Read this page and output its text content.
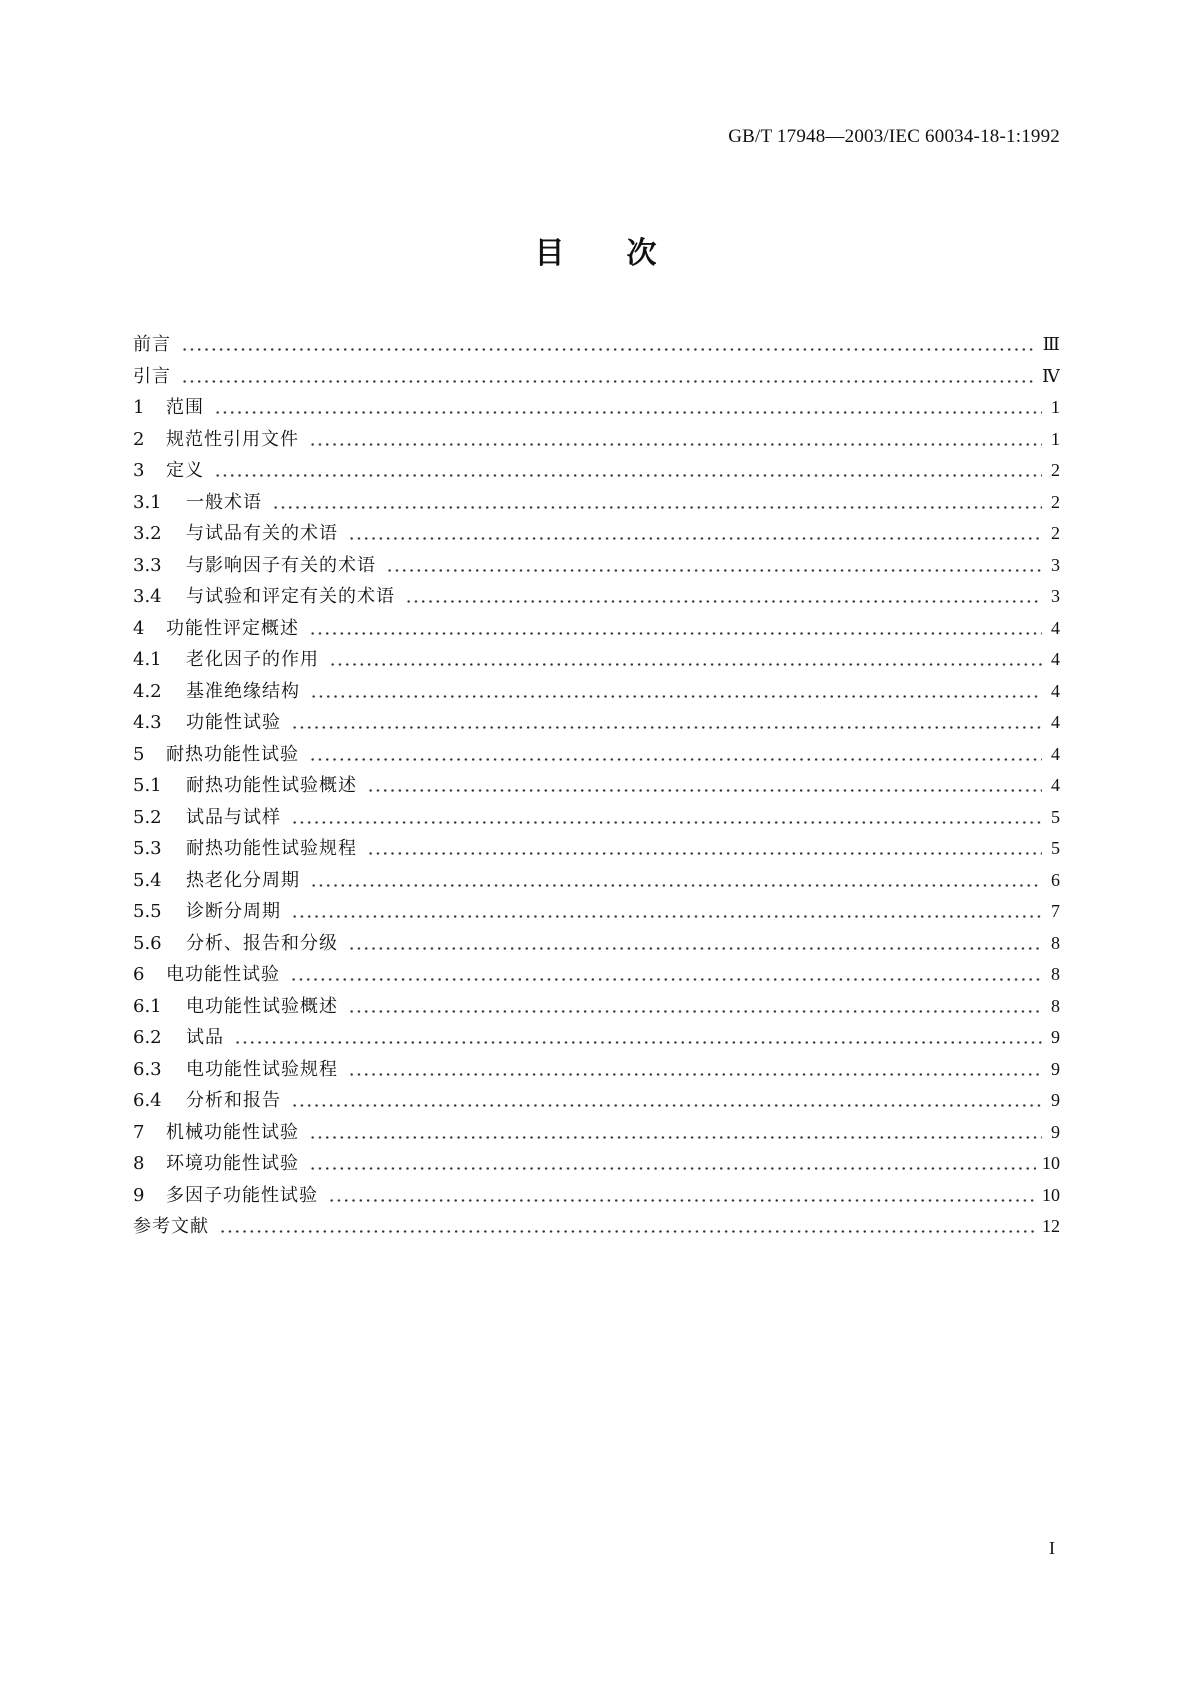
GB/T 17948—2003/IEC 60034-18-1:1992
目次
前言	Ⅲ
引言	Ⅳ
1	范围	1
2	规范性引用文件	1
3	定义	2
3.1	一般术语	2
3.2	与试品有关的术语	2
3.3	与影响因子有关的术语	3
3.4	与试验和评定有关的术语	3
4	功能性评定概述	4
4.1	老化因子的作用	4
4.2	基准绝缘结构	4
4.3	功能性试验	4
5	耐热功能性试验	4
5.1	耐热功能性试验概述	4
5.2	试品与试样	5
5.3	耐热功能性试验规程	5
5.4	热老化分周期	6
5.5	诊断分周期	7
5.6	分析、报告和分级	8
6	电功能性试验	8
6.1	电功能性试验概述	8
6.2	试品	9
6.3	电功能性试验规程	9
6.4	分析和报告	9
7	机械功能性试验	9
8	环境功能性试验	10
9	多因子功能性试验	10
参考文献	12
I
